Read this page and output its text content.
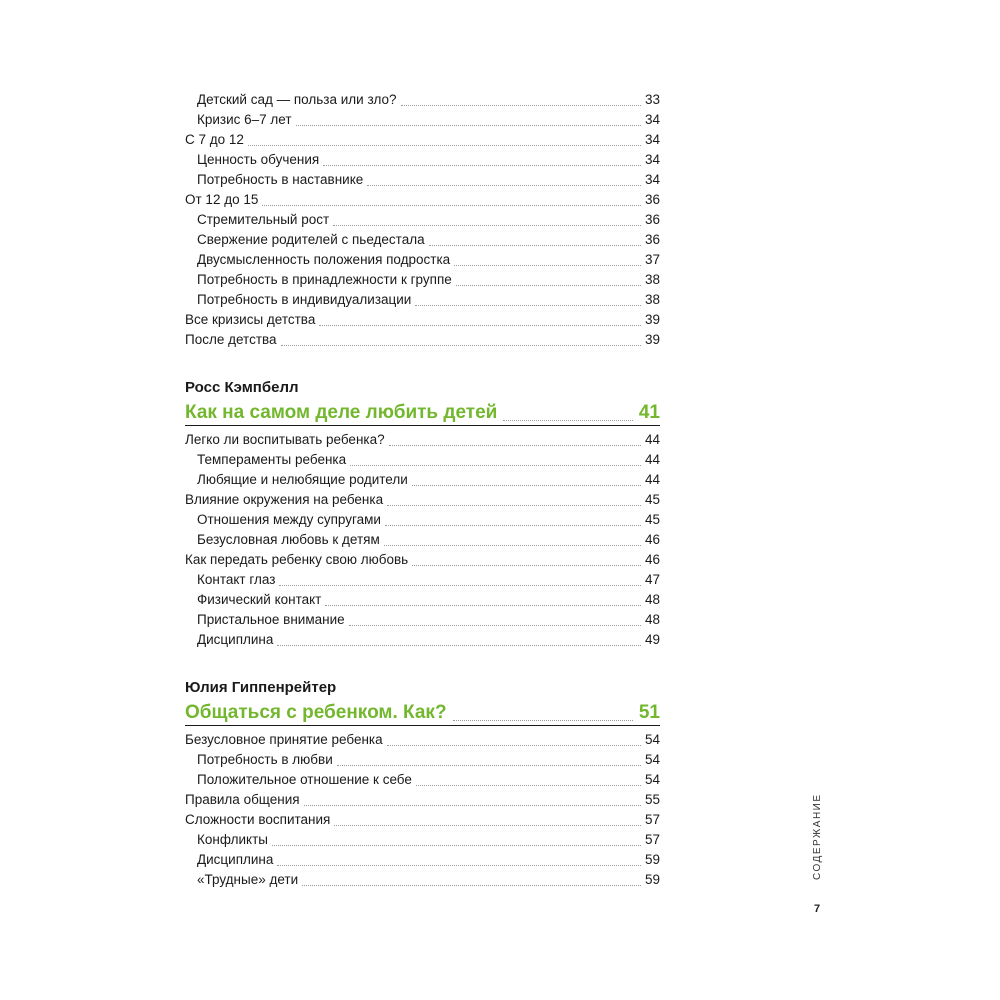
Детский сад — польза или зло?	33
Кризис 6–7 лет	34
С 7 до 12	34
Ценность обучения	34
Потребность в наставнике	34
От 12 до 15	36
Стремительный рост	36
Свержение родителей с пьедестала	36
Двусмысленность положения подростка	37
Потребность в принадлежности к группе	38
Потребность в индивидуализации	38
Все кризисы детства	39
После детства	39
Росс Кэмпбелл
Как на самом деле любить детей	41
Легко ли воспитывать ребенка?	44
Темпераменты ребенка	44
Любящие и нелюбящие родители	44
Влияние окружения на ребенка	45
Отношения между супругами	45
Безусловная любовь к детям	46
Как передать ребенку свою любовь	46
Контакт глаз	47
Физический контакт	48
Пристальное внимание	48
Дисциплина	49
Юлия Гиппенрейтер
Общаться с ребенком. Как?	51
Безусловное принятие ребенка	54
Потребность в любви	54
Положительное отношение к себе	54
Правила общения	55
Сложности воспитания	57
Конфликты	57
Дисциплина	59
«Трудные» дети	59	СОДЕРЖАНИЕ
7
